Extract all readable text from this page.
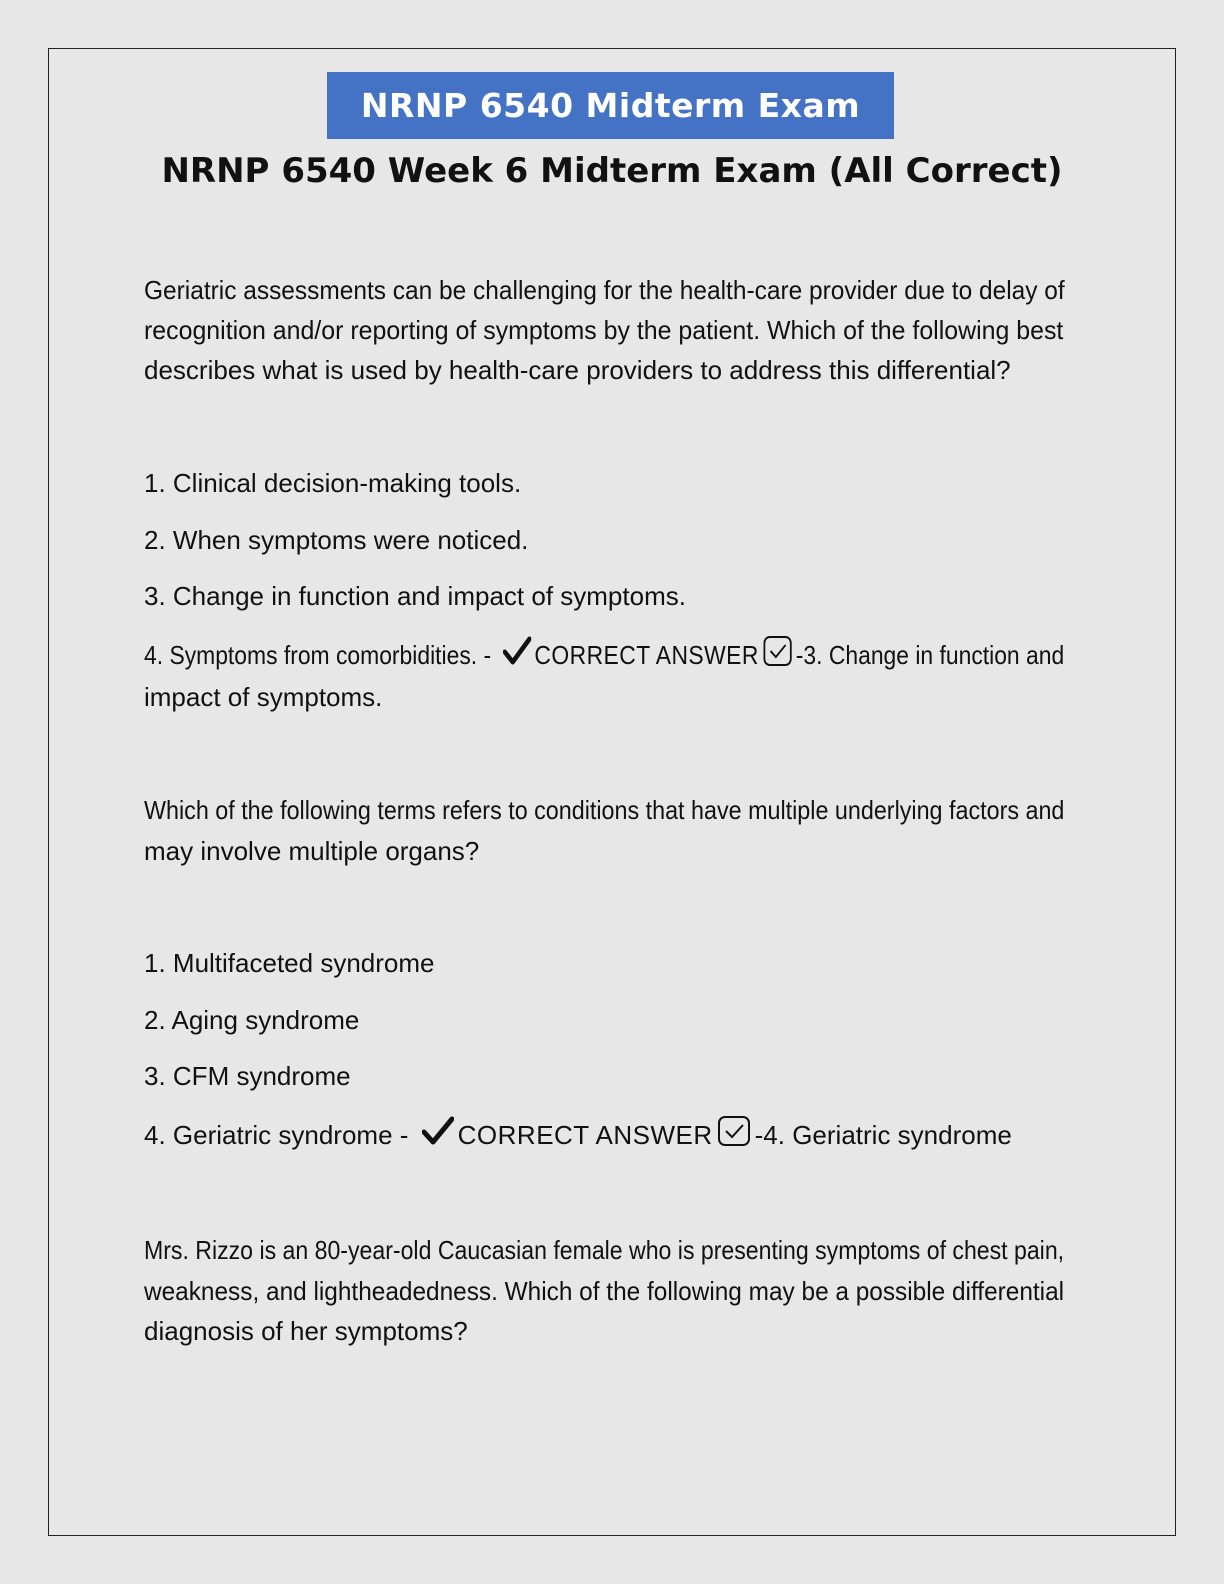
NRNP 6540 Midterm Exam
NRNP 6540 Week 6 Midterm Exam (All Correct)
Geriatric assessments can be challenging for the health-care provider due to delay of
recognition and/or reporting of symptoms by the patient. Which of the following best
describes what is used by health-care providers to address this differential?
1. Clinical decision-making tools.
2. When symptoms were noticed.
3. Change in function and impact of symptoms.
4. Symptoms from comorbidities. - CORRECT ANSWER -3. Change in function and
impact of symptoms.
Which of the following terms refers to conditions that have multiple underlying factors and
may involve multiple organs?
1. Multifaceted syndrome
2. Aging syndrome
3. CFM syndrome
4. Geriatric syndrome - CORRECT ANSWER -4. Geriatric syndrome
Mrs. Rizzo is an 80-year-old Caucasian female who is presenting symptoms of chest pain,
weakness, and lightheadedness. Which of the following may be a possible differential
diagnosis of her symptoms?
